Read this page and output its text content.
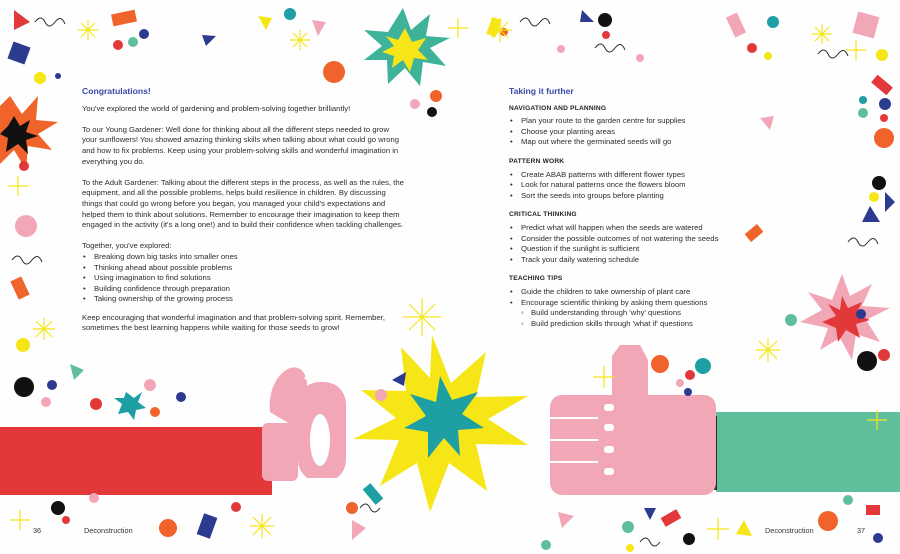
Congratulations!

You've explored the world of gardening and problem-solving together brilliantly!

To our Young Gardener: Well done for thinking about all the different steps needed to grow your sunflowers! You showed amazing thinking skills when talking about what could go wrong and how to fix problems. Keep using your problem-solving skills and wonderful imagination in everything you do.

To the Adult Gardener: Talking about the different steps in the process, as well as the rules, the equipment, and all the possible problems, helps build resilience in children. By discussing things that could go wrong before you began, you managed your child's expectations and helped them to think about solutions. Remember to encourage their imagination to keep them engaged in the activity (it's a long one!) and to build their confidence when tackling challenges.

Together, you've explored:
• Breaking down big tasks into smaller ones
• Thinking ahead about possible problems
• Using imagination to find solutions
• Building confidence through preparation
• Taking ownership of the growing process

Keep encouraging that wonderful imagination and that problem-solving spirit. Remember, sometimes the best learning happens while waiting for those seeds to grow!

Taking it further
NAVIGATION AND PLANNING
• Plan your route to the garden centre for supplies
• Choose your planting areas
• Map out where the germinated seeds will go
PATTERN WORK
• Create ABAB patterns with different flower types
• Look for natural patterns once the flowers bloom
• Sort the seeds into groups before planting
CRITICAL THINKING
• Predict what will happen when the seeds are watered
• Consider the possible outcomes of not watering the seeds
• Question if the sunlight is sufficient
• Track your daily watering schedule
TEACHING TIPS
• Guide the children to take ownership of plant care
• Encourage scientific thinking by asking them questions
◦ Build understanding through 'why' questions
◦ Build prediction skills through 'what if' questions
36	Deconstruction	Deconstruction	37
